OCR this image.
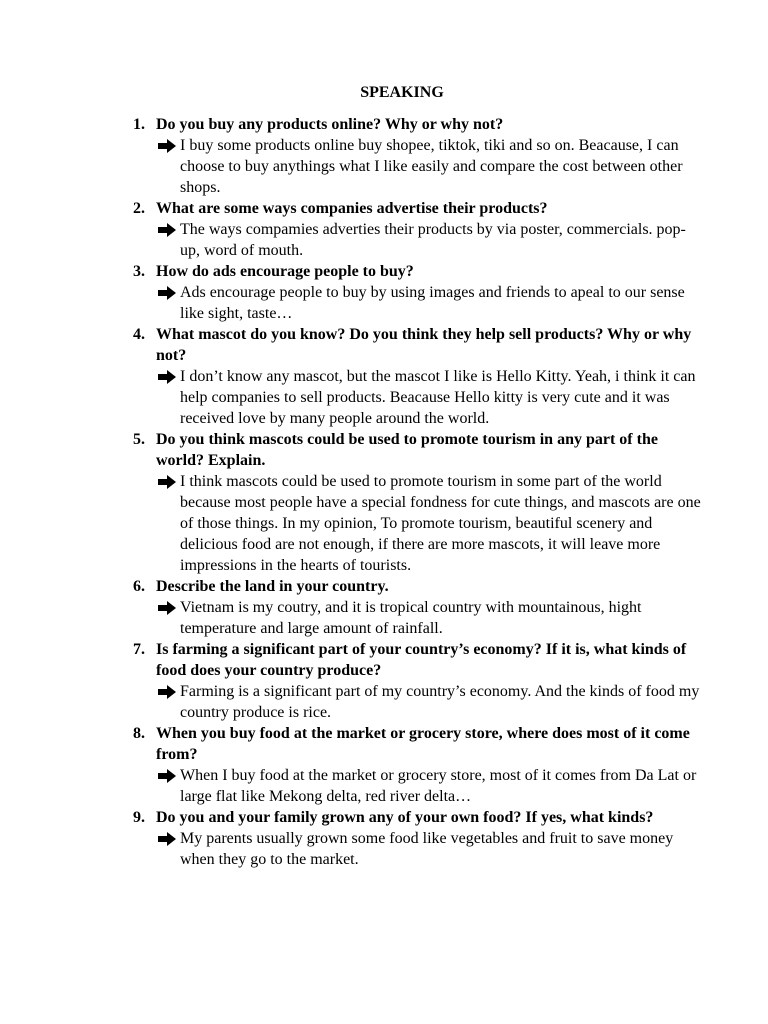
SPEAKING
1. Do you buy any products online? Why or why not?

I buy some products online buy shopee, tiktok, tiki and so on. Beacause, I can choose to buy anythings what I like easily and compare the cost between other shops.
2. What are some ways companies advertise their products?

The ways compamies adverties their products by via poster, commercials. pop-up, word of mouth.
3. How do ads encourage people to buy?

Ads encourage people to buy by using images and friends to apeal to our sense like sight, taste…
4. What mascot do you know? Do you think they help sell products? Why or why not?

I don’t know any mascot, but the mascot I like is Hello Kitty. Yeah, i think it can help companies to sell products. Beacause Hello kitty is very cute and it was received love by many people around the world.
5. Do you think mascots could be used to promote tourism in any part of the world? Explain.

I think mascots could be used to promote tourism in some part of the world because most people have a special fondness for cute things, and mascots are one of those things. In my opinion, To promote tourism, beautiful scenery and delicious food are not enough, if there are more mascots, it will leave more impressions in the hearts of tourists.
6. Describe the land in your country.

Vietnam is my coutry, and it is tropical country with mountainous, hight temperature and large amount of rainfall.
7. Is farming a significant part of your country’s economy? If it is, what kinds of food does your country produce?

Farming is a significant part of my country’s economy. And the kinds of food my country produce is rice.
8. When you buy food at the market or grocery store, where does most of it come from?

When I buy food at the market or grocery store, most of it comes from Da Lat or large flat like Mekong delta, red river delta…
9. Do you and your family grown any of your own food? If yes, what kinds?

My parents usually grown some food like vegetables and fruit to save money when they go to the market.
